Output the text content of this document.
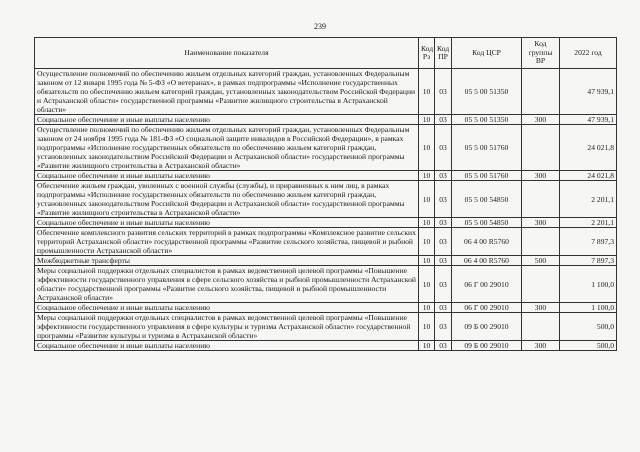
239
Наименование показателя	Код Рз	Код ПР	Код ЦСР	Код группы ВР	2022 год
Осуществление полномочий по обеспечению жильем отдельных категорий граждан, установленных Федеральным законом от 12 января 1995 года № 5-ФЗ «О ветеранах», в рамках подпрограммы «Исполнение государственных обязательств по обеспечению жильем категорий граждан, установленных законодательством Российской Федерации и Астраханской области» государственной программы «Развитие жилищного строительства в Астраханской области»	10	03	05 5 00 51350		47 939,1
Социальное обеспечение и иные выплаты населению	10	03	05 5 00 51350	300	47 939,1
Осуществление полномочий по обеспечению жильем отдельных категорий граждан, установленных Федеральным законом от 24 ноября 1995 года № 181-ФЗ «О социальной защите инвалидов в Российской Федерации», в рамках подпрограммы «Исполнение государственных обязательств по обеспечению жильем категорий граждан, установленных законодательством Российской Федерации и Астраханской области» государственной программы «Развитие жилищного строительства в Астраханской области»	10	03	05 5 00 51760		24 021,8
Социальное обеспечение и иные выплаты населению	10	03	05 5 00 51760	300	24 021,8
Обеспечение жильем граждан, уволенных с военной службы (службы), и приравненных к ним лиц, в рамках подпрограммы «Исполнение государственных обязательств по обеспечению жильем категорий граждан, установленных законодательством Российской Федерации и Астраханской области» государственной программы «Развитие жилищного строительства в Астраханской области»	10	03	05 5 00 54850		2 201,1
Социальное обеспечение и иные выплаты населению	10	03	05 5 00 54850	300	2 201,1
Обеспечение комплексного развития сельских территорий в рамках подпрограммы «Комплексное развитие сельских территорий Астраханской области» государственной программы «Развитие сельского хозяйства, пищевой и рыбной промышленности Астраханской области»	10	03	06 4 00 R5760		7 897,3
Межбюджетные трансферты	10	03	06 4 00 R5760	500	7 897,3
Меры социальной поддержки отдельных специалистов в рамках ведомственной целевой программы «Повышение эффективности государственного управления в сфере сельского хозяйства и рыбной промышленности Астраханской области» государственной программы «Развитие сельского хозяйства, пищевой и рыбной промышленности Астраханской области»	10	03	06 Г 00 29010		1 100,0
Социальное обеспечение и иные выплаты населению	10	03	06 Г 00 29010	300	1 100,0
Меры социальной поддержки отдельных специалистов в рамках ведомственной целевой программы «Повышение эффективности государственного управления в сфере культуры и туризма Астраханской области» государственной программы «Развитие культуры и туризма в Астраханской области»	10	03	09 Б 00 29010		500,0
Социальное обеспечение и иные выплаты населению	10	03	09 Б 00 29010	300	500,0
